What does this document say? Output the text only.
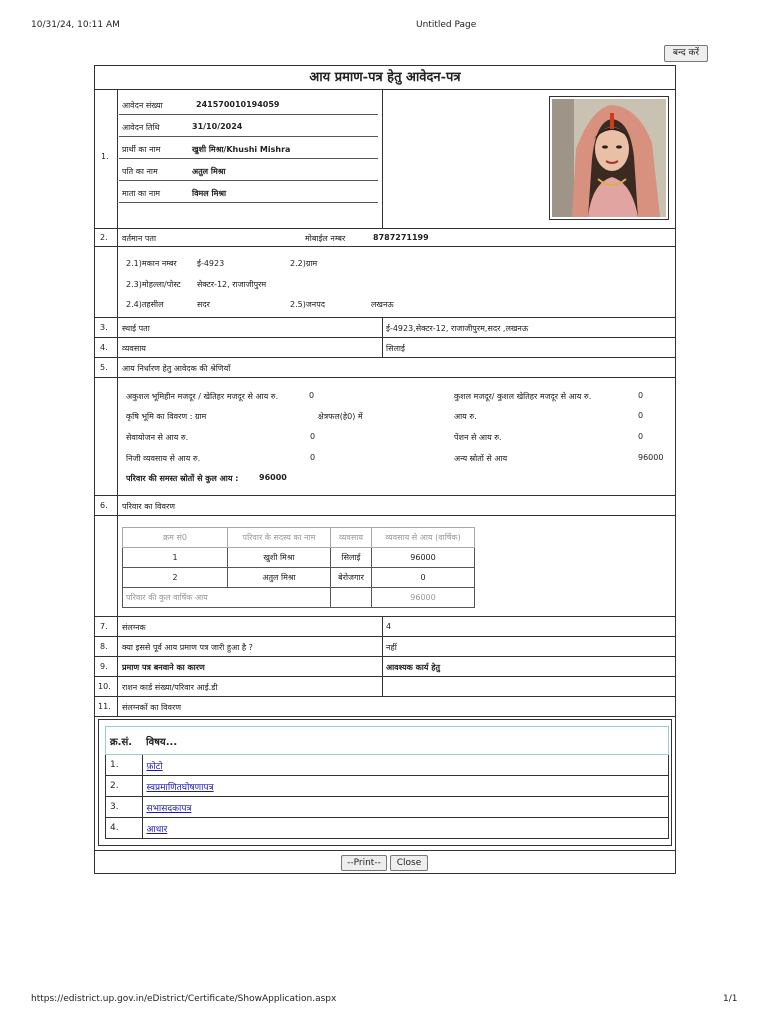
10/31/24, 10:11 AM	Untitled Page
बन्द करें
आय प्रमाण-पत्र हेतु आवेदन-पत्र
1.
आवेदन संख्या	241570010194059
आवेदन तिथि	31/10/2024
प्रार्थी का नाम	खुशी मिश्रा/Khushi Mishra
पति का नाम	अतुल मिश्रा
माता का नाम	विमल मिश्रा
2. वर्तमान पता	मोबाईल नम्बर	8787271199
2.1)मकान नम्बर	ई-4923	2.2)ग्राम
2.3)मोहल्ला/पोस्ट सेक्टर-12, राजाजीपुरम
2.4)तहसील	सदर	2.5)जनपद	लखनऊ
3. स्थाई पता	ई-4923,सेक्टर-12, राजाजीपुरम,सदर ,लखनऊ
4. व्यवसाय	सिलाई
5. आय निर्धारण हेतु आवेदक की श्रेणियाँ
अकुशल भूमिहीन मजदूर / खेतिहर मजदूर से आय रु.	0	कुशल मजदूर/ कुशल खेतिहर मजदूर से आय रु.	0
कृषि भूमि का विवरण : ग्राम	क्षेत्रफल(हे0) में	आय रु.	0
सेवायोजन से आय रु.	0	पेंशन से आय रु.	0
निजी व्यवसाय से आय रु.	0	अन्य स्रोतों से आय	96000
परिवार की समस्त स्रोतों से कुल आय :	96000
6. परिवार का विवरण
क्रम सं0	परिवार के सदस्य का नाम	व्यवसाय	व्यवसाय से आय (वार्षिक)
1	खुशी मिश्रा	सिलाई	96000
2	अतुल मिश्रा	बेरोजगार	0
परिवार की कुल वार्षिक आय			96000
7. संलग्नक	4
8. क्या इससे पूर्व आय प्रमाण पत्र जारी हुआ है ?	नहीं
9. प्रमाण पत्र बनवाने का कारण	आवश्यक कार्य हेतु
10. राशन कार्ड संख्या/परिवार आई.डी
11. संलग्नकों का विवरण
क्र.सं.	विषय...
1.	फ़ोटो
2.	स्वप्रमाणितघोषणापत्र
3.	सभासदकापत्र
4.	आधार
--Print--	Close
https://edistrict.up.gov.in/eDistrict/Certificate/ShowApplication.aspx	1/1
